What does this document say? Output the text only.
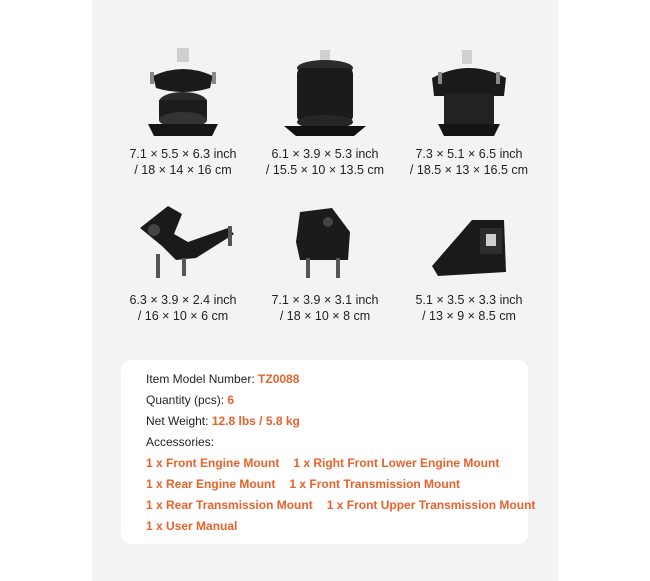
7.1 × 5.5 × 6.3 inch
/ 18 × 14 × 16 cm
6.1 × 3.9 × 5.3 inch
/ 15.5 × 10 × 13.5 cm
7.3 × 5.1 × 6.5 inch
/ 18.5 × 13 × 16.5 cm
6.3 × 3.9 × 2.4 inch
/ 16 × 10 × 6 cm
7.1 × 3.9 × 3.1 inch
/ 18 × 10 × 8 cm
5.1 × 3.5 × 3.3 inch
/ 13 × 9 × 8.5 cm
Item Model Number: TZ0088
Quantity (pcs): 6
Net Weight: 12.8 lbs / 5.8 kg
Accessories:
1 x Front Engine Mount 1 x Right Front Lower Engine Mount
1 x Rear Engine Mount 1 x Front Transmission Mount
1 x Rear Transmission Mount 1 x Front Upper Transmission Mount
1 x User Manual
